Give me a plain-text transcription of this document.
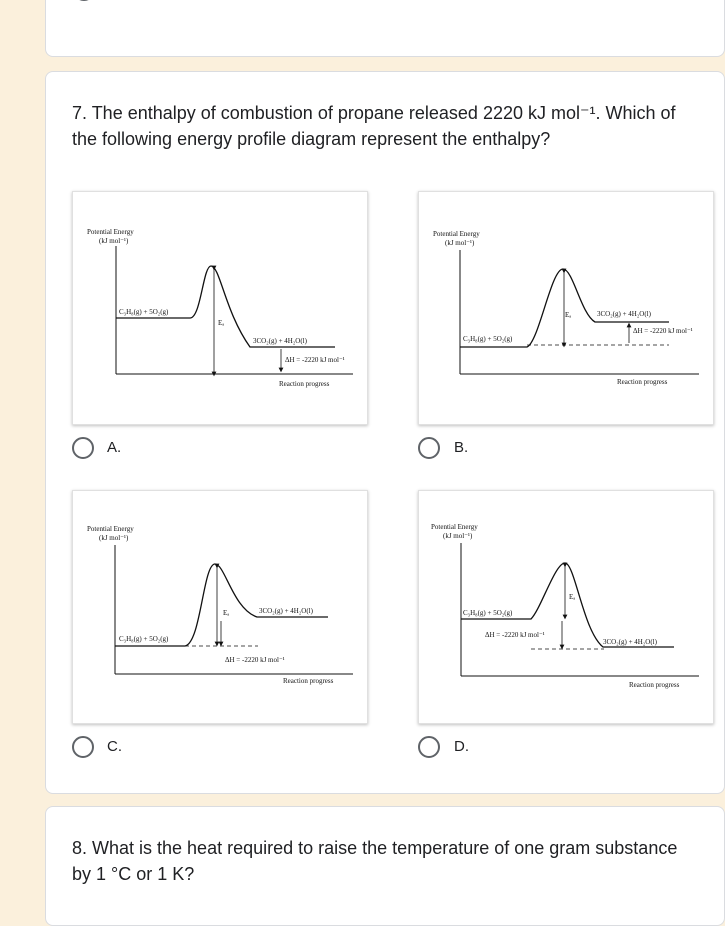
7. The enthalpy of combustion of propane released 2220 kJ mol⁻¹. Which of
the following energy profile diagram represent the enthalpy?
Potential Energy
(kJ mol⁻¹)
C₃H₈(g) + 5O₂(g)
Eₐ
3CO₂(g) + 4H₂O(l)
ΔH = -2220 kJ mol⁻¹
Reaction progress
Potential Energy
(kJ mol⁻¹)
C₃H₈(g) + 5O₂(g)
Eₐ	3CO₂(g) + 4H₂O(l)
ΔH = -2220 kJ mol⁻¹
Reaction progress
A.	B.
Potential Energy
(kJ mol⁻¹)
C₃H₈(g) + 5O₂(g)
Eₐ	3CO₂(g) + 4H₂O(l)
ΔH = -2220 kJ mol⁻¹
Reaction progress
Potential Energy
(kJ mol⁻¹)
C₃H₈(g) + 5O₂(g)
Eₐ
3CO₂(g) + 4H₂O(l)
ΔH = -2220 kJ mol⁻¹
Reaction progress
C.	D.
8. What is the heat required to raise the temperature of one gram substance
by 1 °C or 1 K?
